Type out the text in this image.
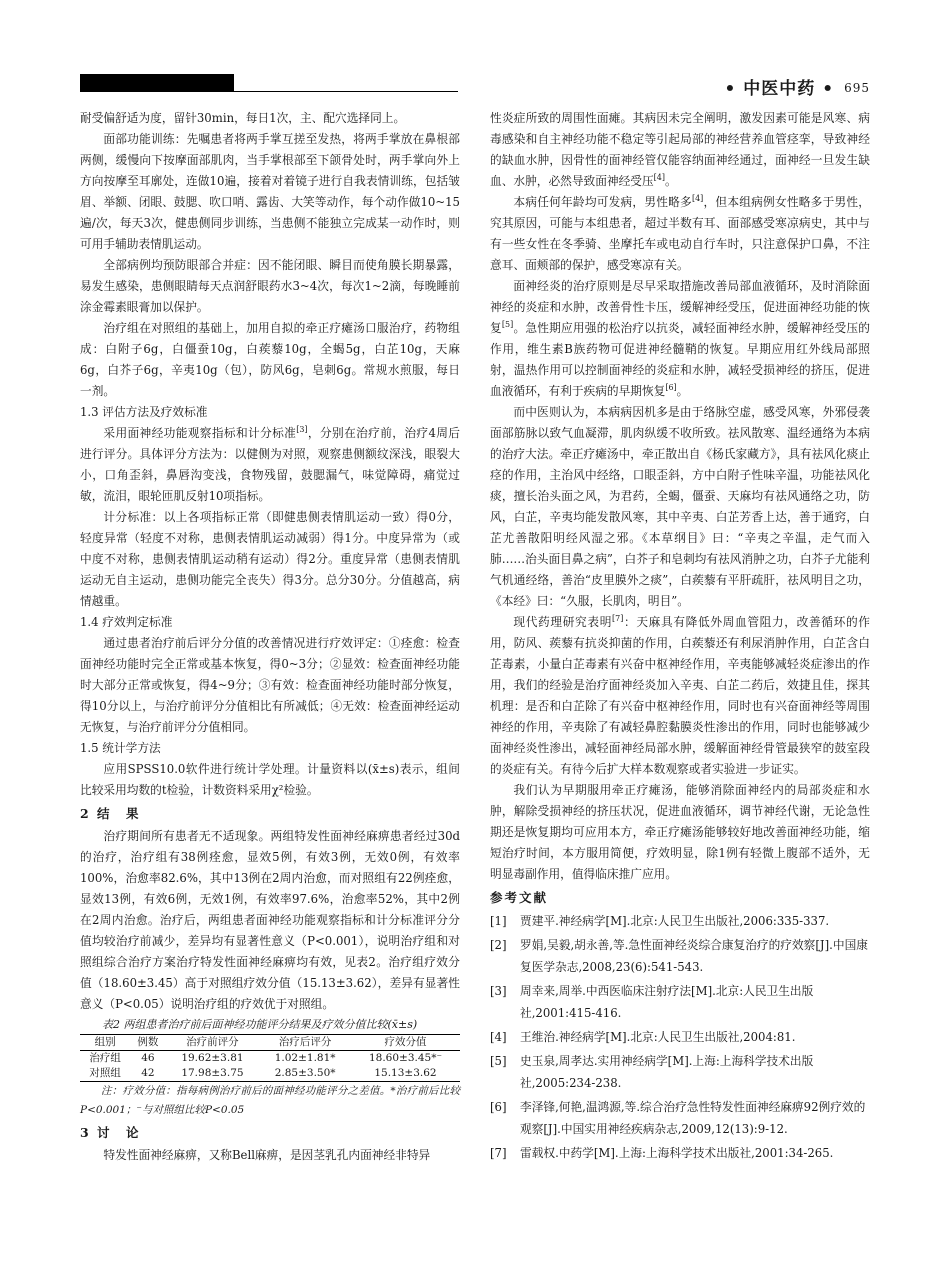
• 中医中药 • 695

耐受偏舒适为度，留针30min，每日1次，主、配穴选择同上。

面部功能训练：先嘱患者将两手掌互搓至发热，将两手掌放在鼻根部两侧，缓慢向下按摩面部肌肉，当手掌根部至下颌骨处时，两手掌向外上方向按摩至耳廓处，连做10遍，接着对着镜子进行自我表情训练，包括皱眉、举额、闭眼、鼓腮、吹口哨、露齿、大笑等动作，每个动作做10~15遍/次，每天3次，健患侧同步训练，当患侧不能独立完成某一动作时，则可用手辅助表情肌运动。

全部病例均预防眼部合并症：因不能闭眼、瞬目而使角膜长期暴露，易发生感染，患侧眼睛每天点润舒眼药水3~4次，每次1~2滴，每晚睡前涂金霉素眼膏加以保护。

治疗组在对照组的基础上，加用自拟的牵正疗瘫汤口服治疗，药物组成：白附子6g，白僵蚕10g，白蒺藜10g，全蝎5g，白芷10g，天麻6g，白芥子6g，辛夷10g（包），防风6g，皂刺6g。常规水煎服，每日一剂。

1.3 评估方法及疗效标准

采用面神经功能观察指标和计分标准[3]，分别在治疗前，治疗4周后进行评分。具体评分方法为：以健侧为对照，观察患侧额纹深浅，眼裂大小，口角歪斜，鼻唇沟变浅，食物残留，鼓腮漏气，味觉障碍，痛觉过敏，流泪，眼轮匝肌反射10项指标。

计分标准：以上各项指标正常（即健患侧表情肌运动一致）得0分，轻度异常（轻度不对称，患侧表情肌运动减弱）得1分。中度异常为（或中度不对称，患侧表情肌运动稍有运动）得2分。重度异常（患侧表情肌运动无自主运动，患侧功能完全丧失）得3分。总分30分。分值越高，病情越重。

1.4 疗效判定标准

通过患者治疗前后评分分值的改善情况进行疗效评定：①痊愈：检查面神经功能时完全正常或基本恢复，得0~3分；②显效：检查面神经功能时大部分正常或恢复，得4~9分；③有效：检查面神经功能时部分恢复，得10分以上，与治疗前评分分值相比有所减低；④无效：检查面神经运动无恢复，与治疗前评分分值相同。

1.5 统计学方法

应用SPSS10.0软件进行统计学处理。计量资料以(x̄±s)表示，组间比较采用均数的t检验，计数资料采用χ²检验。

2 结　果

治疗期间所有患者无不适现象。两组特发性面神经麻痹患者经过30d的治疗，治疗组有38例痊愈，显效5例，有效3例，无效0例，有效率100%，治愈率82.6%，其中13例在2周内治愈，而对照组有22例痊愈，显效13例，有效6例，无效1例，有效率97.6%，治愈率52%，其中2例在2周内治愈。治疗后，两组患者面神经功能观察指标和计分标准评分分值均较治疗前减少，差异均有显著性意义（P<0.001），说明治疗组和对照组综合治疗方案治疗特发性面神经麻痹均有效，见表2。治疗组疗效分值（18.60±3.45）高于对照组疗效分值（15.13±3.62），差异有显著性意义（P<0.05）说明治疗组的疗效优于对照组。

表2 两组患者治疗前后面神经功能评分结果及疗效分值比较(x̄±s)

组别	例数	治疗前评分	治疗后评分	疗效分值
治疗组	46	19.62±3.81	1.02±1.81*	18.60±3.45*⁻
对照组	42	17.98±3.75	2.85±3.50*	15.13±3.62

注：疗效分值：指每病例治疗前后的面神经功能评分之差值。*治疗前后比较P<0.001；⁻与对照组比较P<0.05

3 讨　论

特发性面神经麻痹，又称Bell麻痹，是因茎乳孔内面神经非特异

性炎症所致的周围性面瘫。其病因未完全阐明，激发因素可能是风寒、病毒感染和自主神经功能不稳定等引起局部的神经营养血管痉挛，导致神经的缺血水肿，因骨性的面神经管仅能容纳面神经通过，面神经一旦发生缺血、水肿，必然导致面神经受压[4]。

本病任何年龄均可发病，男性略多[4]，但本组病例女性略多于男性，究其原因，可能与本组患者，超过半数有耳、面部感受寒凉病史，其中与有一些女性在冬季骑、坐摩托车或电动自行车时，只注意保护口鼻，不注意耳、面颊部的保护，感受寒凉有关。

面神经炎的治疗原则是尽早采取措施改善局部血液循环，及时消除面神经的炎症和水肿，改善骨性卡压，缓解神经受压，促进面神经功能的恢复[5]。急性期应用强的松治疗以抗炎，减轻面神经水肿，缓解神经受压的作用，维生素B族药物可促进神经髓鞘的恢复。早期应用红外线局部照射，温热作用可以控制面神经的炎症和水肿，减轻受损神经的挤压，促进血液循环，有利于疾病的早期恢复[6]。

而中医则认为，本病病因机多是由于络脉空虚，感受风寒，外邪侵袭面部筋脉以致气血凝滞，肌肉纵缓不收所致。祛风散寒、温经通络为本病的治疗大法。牵正疗瘫汤中，牵正散出自《杨氏家藏方》，具有祛风化痰止痉的作用，主治风中经络，口眼歪斜，方中白附子性味辛温，功能祛风化痰，擅长治头面之风，为君药，全蝎，僵蚕、天麻均有祛风通络之功，防风，白芷，辛夷均能发散风寒，其中辛夷、白芷芳香上达，善于通窍，白芷尤善散阳明经风湿之邪。《本草纲目》曰：“辛夷之辛温，走气而入肺……治头面目鼻之病”，白芥子和皂刺均有祛风消肿之功，白芥子尤能利气机通经络，善治“皮里膜外之痰”，白蒺藜有平肝疏肝，祛风明目之功，《本经》曰：“久服，长肌肉，明目”。

现代药理研究表明[7]：天麻具有降低外周血管阻力，改善循环的作用，防风、蒺藜有抗炎抑菌的作用，白蒺藜还有利尿消肿作用，白芷含白芷毒素，小量白芷毒素有兴奋中枢神经作用，辛夷能够减轻炎症渗出的作用，我们的经验是治疗面神经炎加入辛夷、白芷二药后，效捷且佳，探其机理：是否和白芷除了有兴奋中枢神经作用，同时也有兴奋面神经等周围神经的作用，辛夷除了有减轻鼻腔黏膜炎性渗出的作用，同时也能够减少面神经炎性渗出，减轻面神经局部水肿，缓解面神经骨管最狭窄的鼓室段的炎症有关。有待今后扩大样本数观察或者实验进一步证实。

我们认为早期服用牵正疗瘫汤，能够消除面神经内的局部炎症和水肿，解除受损神经的挤压状况，促进血液循环，调节神经代谢，无论急性期还是恢复期均可应用本方，牵正疗瘫汤能够较好地改善面神经功能，缩短治疗时间，本方服用简便，疗效明显，除1例有轻微上腹部不适外，无明显毒副作用，值得临床推广应用。

参考文献
[1]	贾建平.神经病学[M].北京:人民卫生出版社,2006:335-337.
[2]	罗娟,吴毅,胡永善,等.急性面神经炎综合康复治疗的疗效察[J].中国康复医学杂志,2008,23(6):541-543.
[3]	周幸来,周举.中西医临床注射疗法[M].北京:人民卫生出版社,2001:415-416.
[4]	王维治.神经病学[M].北京:人民卫生出版社,2004:81.
[5]	史玉泉,周孝达.实用神经病学[M].上海:上海科学技术出版社,2005:234-238.
[6]	李泽锋,何艳,温鸿源,等.综合治疗急性特发性面神经麻痹92例疗效的观察[J].中国实用神经疾病杂志,2009,12(13):9-12.
[7]	雷载权.中药学[M].上海:上海科学技术出版社,2001:34-265.
